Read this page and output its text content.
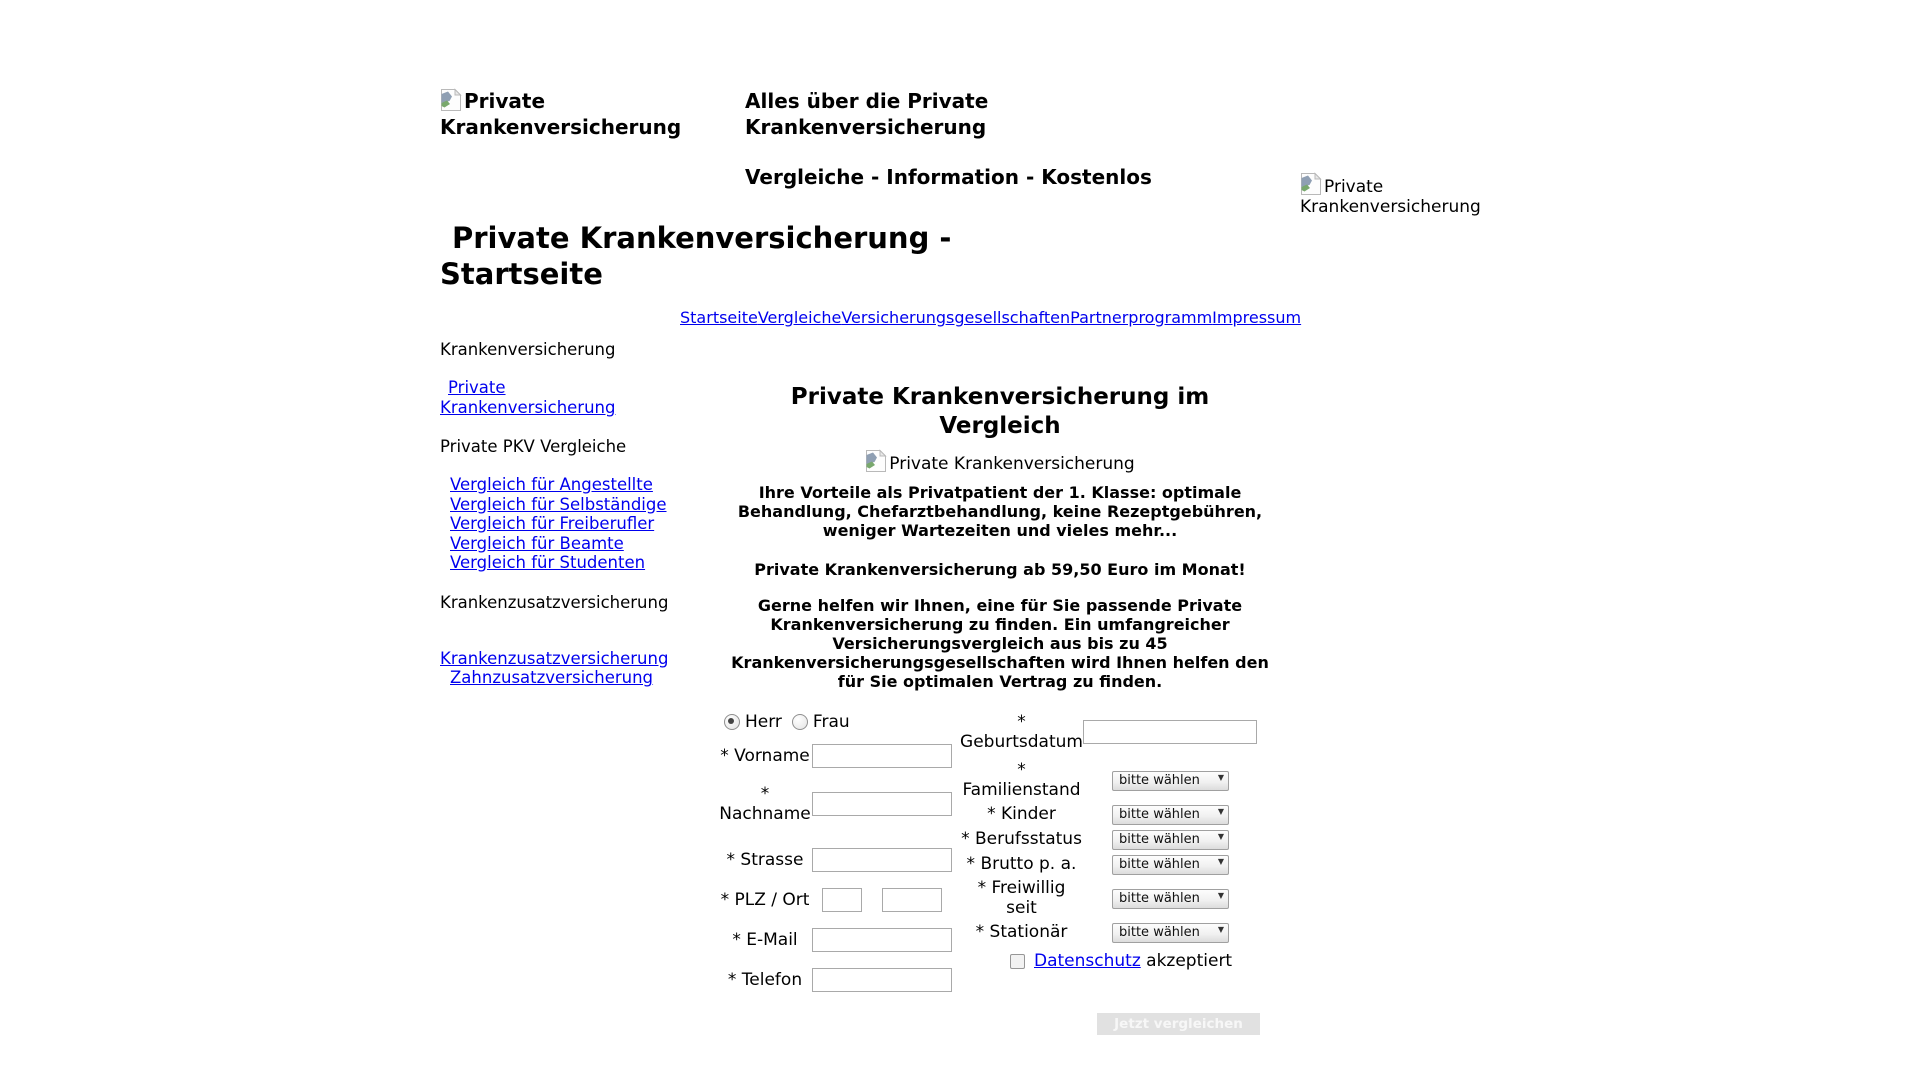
Private Krankenversicherung
Alles über die Private
Krankenversicherung
Vergleiche - Information - Kostenlos	Private Krankenversicherung
Private Krankenversicherung - Startseite
StartseiteVergleicheVersicherungsgesellschaftenPartnerprogrammImpressum
Krankenversicherung
Private Krankenversicherung
Private PKV Vergleiche
Vergleich für Angestellte
Vergleich für Selbständige
Vergleich für Freiberufler
Vergleich für Beamte
Vergleich für Studenten
Krankenzusatzversicherung
Krankenzusatzversicherung
Zahnzusatzversicherung
Private Krankenversicherung im Vergleich
Private Krankenversicherung

Ihre Vorteile als Privatpatient der 1. Klasse: optimale Behandlung, Chefarztbehandlung, keine Rezeptgebühren, weniger Wartezeiten und vieles mehr...

Private Krankenversicherung ab 59,50 Euro im Monat!

Gerne helfen wir Ihnen, eine für Sie passende Private Krankenversicherung zu finden. Ein umfangreicher Versicherungsvergleich aus bis zu 45 Krankenversicherungsgesellschaften wird Ihnen helfen den für Sie optimalen Vertrag zu finden.

Herr Frau
* Vorname
* Nachname
* Strasse
* PLZ / Ort
* E-Mail
* Telefon
* Geburtsdatum
* Familienstand
bitte wählen ▼
* Kinder
bitte wählen ▼
* Berufsstatus
bitte wählen ▼
* Brutto p. a.
bitte wählen ▼
* Freiwillig seit
bitte wählen ▼
* Stationär
bitte wählen ▼
Datenschutz
akzeptiert
Jetzt vergleichen
